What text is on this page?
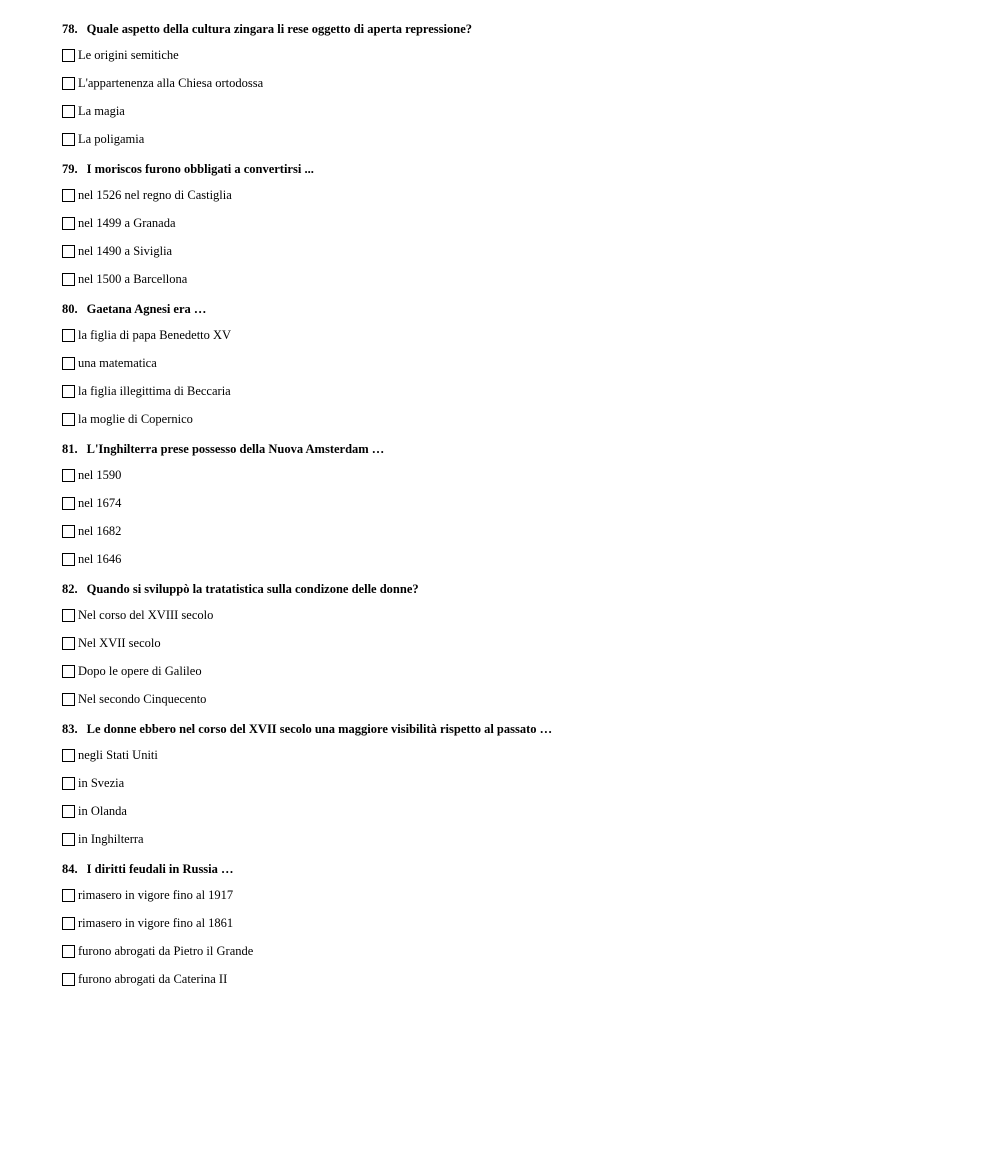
78. Quale aspetto della cultura zingara li rese oggetto di aperta repressione?
Le origini semitiche
L'appartenenza alla Chiesa ortodossa
La magia
La poligamia
79. I moriscos furono obbligati a convertirsi ...
nel 1526 nel regno di Castiglia
nel 1499 a Granada
nel 1490 a Siviglia
nel 1500 a Barcellona
80. Gaetana Agnesi era …
la figlia di papa Benedetto XV
una matematica
la figlia illegittima di Beccaria
la moglie di Copernico
81. L'Inghilterra prese possesso della Nuova Amsterdam …
nel 1590
nel 1674
nel 1682
nel 1646
82. Quando si sviluppò la tratatistica sulla condizone delle donne?
Nel corso del XVIII secolo
Nel XVII secolo
Dopo le opere di Galileo
Nel secondo Cinquecento
83. Le donne ebbero nel corso del XVII secolo una maggiore visibilità rispetto al passato …
negli Stati Uniti
in Svezia
in Olanda
in Inghilterra
84. I diritti feudali in Russia …
rimasero in vigore fino al 1917
rimasero in vigore fino al 1861
furono abrogati da Pietro il Grande
furono abrogati da Caterina II
